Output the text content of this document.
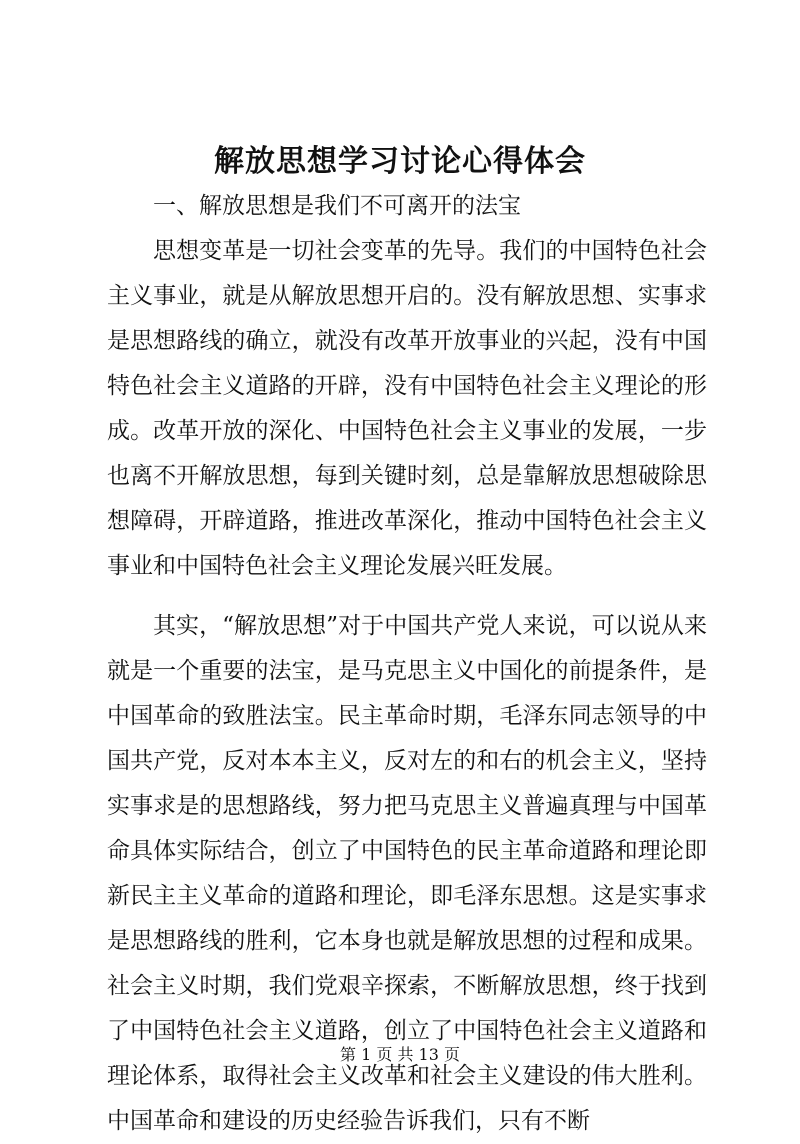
解放思想学习讨论心得体会

一、解放思想是我们不可离开的法宝

思想变革是一切社会变革的先导。我们的中国特色社会主义事业，就是从解放思想开启的。没有解放思想、实事求是思想路线的确立，就没有改革开放事业的兴起，没有中国特色社会主义道路的开辟，没有中国特色社会主义理论的形成。改革开放的深化、中国特色社会主义事业的发展，一步也离不开解放思想，每到关键时刻，总是靠解放思想破除思想障碍，开辟道路，推进改革深化，推动中国特色社会主义事业和中国特色社会主义理论发展兴旺发展。

其实，“解放思想”对于中国共产党人来说，可以说从来就是一个重要的法宝，是马克思主义中国化的前提条件，是中国革命的致胜法宝。民主革命时期，毛泽东同志领导的中国共产党，反对本本主义，反对左的和右的机会主义，坚持实事求是的思想路线，努力把马克思主义普遍真理与中国革命具体实际结合，创立了中国特色的民主革命道路和理论即新民主主义革命的道路和理论，即毛泽东思想。这是实事求是思想路线的胜利，它本身也就是解放思想的过程和成果。社会主义时期，我们党艰辛探索，不断解放思想，终于找到了中国特色社会主义道路，创立了中国特色社会主义道路和理论体系，取得社会主义改革和社会主义建设的伟大胜利。中国革命和建设的历史经验告诉我们，只有不断

第 1 页 共 13 页
